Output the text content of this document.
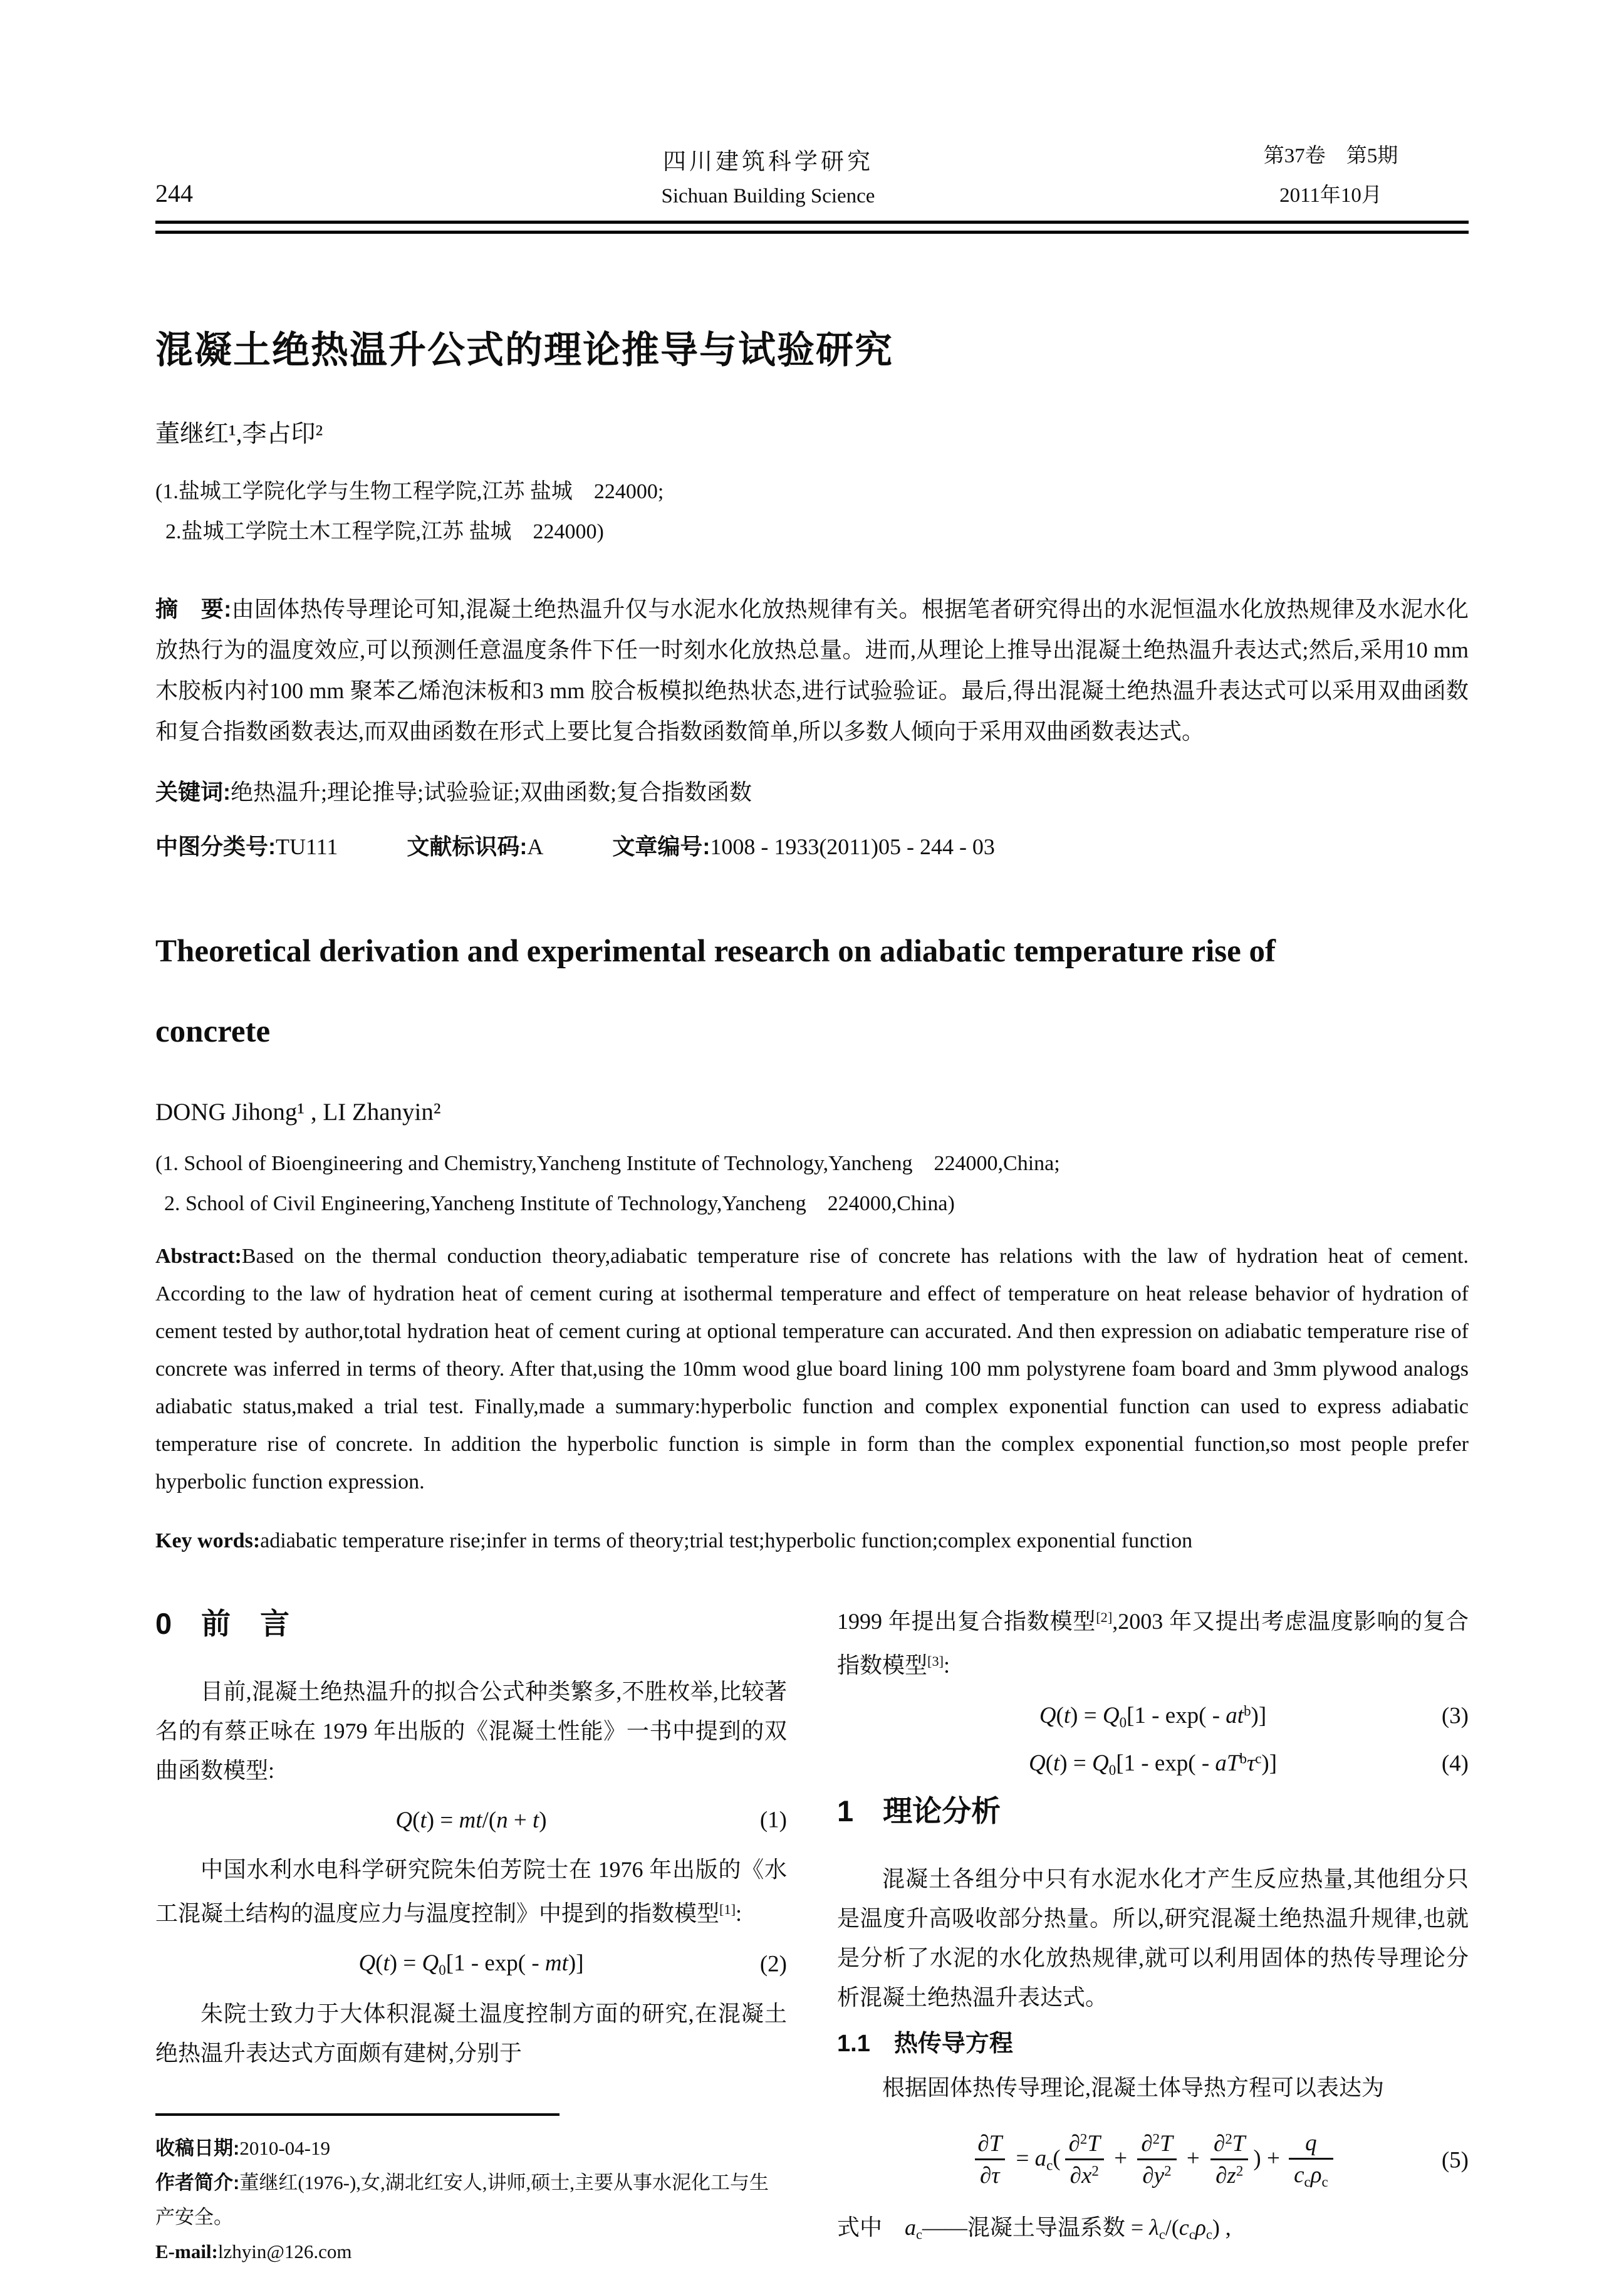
244
四川建筑科学研究
Sichuan Building Science
第37卷　第5期
2011年10月
混凝土绝热温升公式的理论推导与试验研究
董继红¹,李占印²
(1.盐城工学院化学与生物工程学院,江苏 盐城　224000;
2.盐城工学院土木工程学院,江苏 盐城　224000)

摘　要:由固体热传导理论可知,混凝土绝热温升仅与水泥水化放热规律有关。根据笔者研究得出的水泥恒温水化放热规律及水泥水化放热行为的温度效应,可以预测任意温度条件下任一时刻水化放热总量。进而,从理论上推导出混凝土绝热温升表达式;然后,采用10 mm 木胶板内衬100 mm 聚苯乙烯泡沫板和3 mm 胶合板模拟绝热状态,进行试验验证。最后,得出混凝土绝热温升表达式可以采用双曲函数和复合指数函数表达,而双曲函数在形式上要比复合指数函数简单,所以多数人倾向于采用双曲函数表达式。

关键词:绝热温升;理论推导;试验验证;双曲函数;复合指数函数

中图分类号:TU111	文献标识码:A	文章编号:1008 - 1933(2011)05 - 244 - 03
Theoretical derivation and experimental research on adiabatic temperature rise of concrete
DONG Jihong¹ , LI Zhanyin²
(1. School of Bioengineering and Chemistry,Yancheng Institute of Technology,Yancheng　224000,China;
2. School of Civil Engineering,Yancheng Institute of Technology,Yancheng　224000,China)

Abstract:Based on the thermal conduction theory,adiabatic temperature rise of concrete has relations with the law of hydration heat of cement. According to the law of hydration heat of cement curing at isothermal temperature and effect of temperature on heat release behavior of hydration of cement tested by author,total hydration heat of cement curing at optional temperature can accurated. And then expression on adiabatic temperature rise of concrete was inferred in terms of theory. After that,using the 10mm wood glue board lining 100 mm polystyrene foam board and 3mm plywood analogs adiabatic status,maked a trial test. Finally,made a summary:hyperbolic function and complex exponential function can used to express adiabatic temperature rise of concrete. In addition the hyperbolic function is simple in form than the complex exponential function,so most people prefer hyperbolic function expression.

Key words:adiabatic temperature rise;infer in terms of theory;trial test;hyperbolic function;complex exponential function

0　前　言

目前,混凝土绝热温升的拟合公式种类繁多,不胜枚举,比较著名的有蔡正咏在 1979 年出版的《混凝土性能》一书中提到的双曲函数模型:

Q(t) = mt/(n + t)	(1)

中国水利水电科学研究院朱伯芳院士在 1976 年出版的《水工混凝土结构的温度应力与温度控制》中提到的指数模型[1]:

Q(t) = Q0[1 - exp( - mt)]	(2)

朱院士致力于大体积混凝土温度控制方面的研究,在混凝土绝热温升表达式方面颇有建树,分别于

收稿日期:2010-04-19

作者简介:董继红(1976-),女,湖北红安人,讲师,硕士,主要从事水泥化工与生产安全。

E-mail:lzhyin@126.com

1999 年提出复合指数模型[2],2003 年又提出考虑温度影响的复合指数模型[3]:

$Q(t) = Q0[1 - \exp( - at^b)]$	(3)
$Q(t) = Q0[1 - \exp( - aT^b\tau^c)]$	(4)
1　理论分析

混凝土各组分中只有水泥水化才产生反应热量,其他组分只是温度升高吸收部分热量。所以,研究混凝土绝热温升规律,也就是分析了水泥的水化放热规律,就可以利用固体的热传导理论分析混凝土绝热温升表达式。

1.1　热传导方程

根据固体热传导理论,混凝土体导热方程可以表达为

$\frac{\partial T}{\partial\tau} = ac( \frac{\partial^2T}{\partial x^2} + \frac{\partial^2T}{\partial y^2} + \frac{\partial^2T}{\partial z^2}$ ) + $\frac{q}{\text{ccρc}}$	(5)

式中　ac——混凝土导温系数 = λc/(ccρc) ,
